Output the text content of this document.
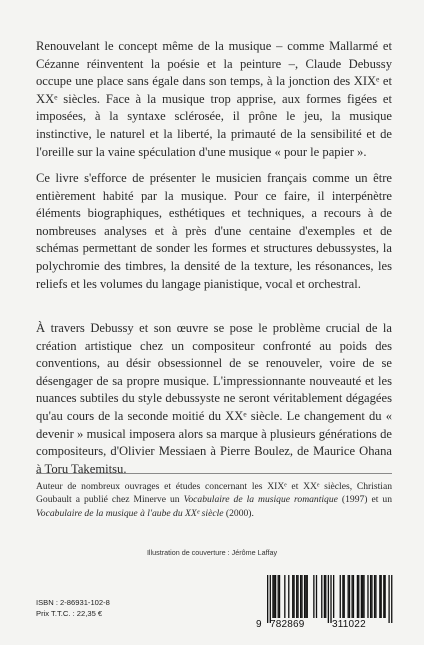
Renouvelant le concept même de la musique – comme Mallarmé et Cézanne réinventent la poésie et la peinture –, Claude Debussy occupe une place sans égale dans son temps, à la jonction des XIXᵉ et XXᵉ siècles. Face à la musique trop apprise, aux formes figées et imposées, à la syntaxe sclérosée, il prône le jeu, la musique instinctive, le naturel et la liberté, la primauté de la sensibilité et de l'oreille sur la vaine spéculation d'une musique « pour le papier ».

Ce livre s'efforce de présenter le musicien français comme un être entièrement habité par la musique. Pour ce faire, il interpénètre éléments biographiques, esthétiques et techniques, a recours à de nombreuses analyses et à près d'une centaine d'exemples et de schémas permettant de sonder les formes et structures debussystes, la polychromie des timbres, la densité de la texture, les résonances, les reliefs et les volumes du langage pianistique, vocal et orchestral.

À travers Debussy et son œuvre se pose le problème crucial de la création artistique chez un compositeur confronté au poids des conventions, au désir obsessionnel de se renouveler, voire de se désengager de sa propre musique. L'impressionnante nouveauté et les nuances subtiles du style debussyste ne seront véritablement dégagées qu'au cours de la seconde moitié du XXᵉ siècle. Le changement du « devenir » musical imposera alors sa marque à plusieurs générations de compositeurs, d'Olivier Messiaen à Pierre Boulez, de Maurice Ohana à Toru Takemitsu.

Auteur de nombreux ouvrages et études concernant les XIXᵉ et XXᵉ siècles, Christian Goubault a publié chez Minerve un Vocabulaire de la musique romantique (1997) et un Vocabulaire de la musique à l'aube du XXᵉ siècle (2000).

Illustration de couverture : Jérôme Laffay
ISBN : 2-86931-102-8
Prix T.T.C. : 22,35 €
9 782869	311022
